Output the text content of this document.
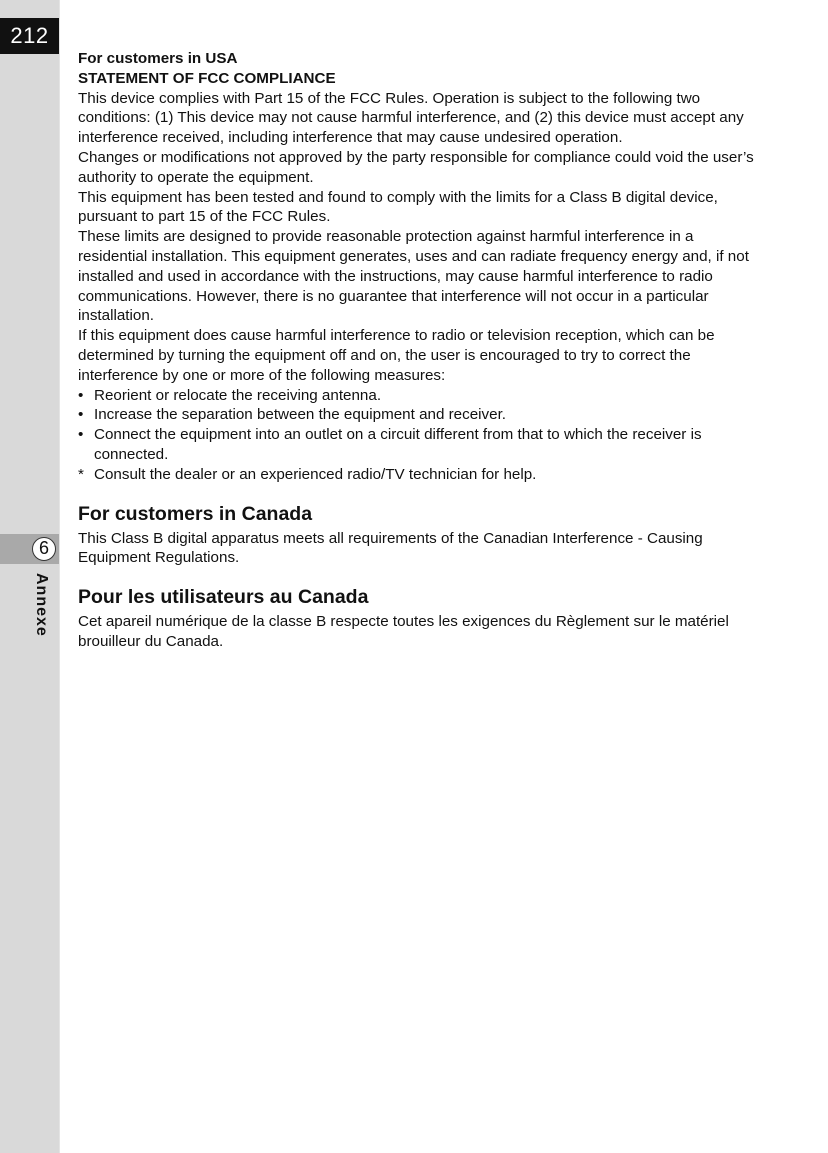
212
6
Annexe

For customers in USA

STATEMENT OF FCC COMPLIANCE

This device complies with Part 15 of the FCC Rules. Operation is subject to the following two conditions: (1) This device may not cause harmful interference, and (2) this device must accept any interference received, including interference that may cause undesired operation.

Changes or modifications not approved by the party responsible for compliance could void the user’s authority to operate the equipment.

This equipment has been tested and found to comply with the limits for a Class B digital device, pursuant to part 15 of the FCC Rules.

These limits are designed to provide reasonable protection against harmful interference in a residential installation. This equipment generates, uses and can radiate frequency energy and, if not installed and used in accordance with the instructions, may cause harmful interference to radio communications. However, there is no guarantee that interference will not occur in a particular installation.

If this equipment does cause harmful interference to radio or television reception, which can be determined by turning the equipment off and on, the user is encouraged to try to correct the interference by one or more of the following measures:

• Reorient or relocate the receiving antenna.
• Increase the separation between the equipment and receiver.
• Connect the equipment into an outlet on a circuit different from that to which the receiver is connected.
* Consult the dealer or an experienced radio/TV technician for help.
For customers in Canada

This Class B digital apparatus meets all requirements of the Canadian Interference - Causing Equipment Regulations.

Pour les utilisateurs au Canada

Cet apareil numérique de la classe B respecte toutes les exigences du Règlement sur le matériel brouilleur du Canada.
